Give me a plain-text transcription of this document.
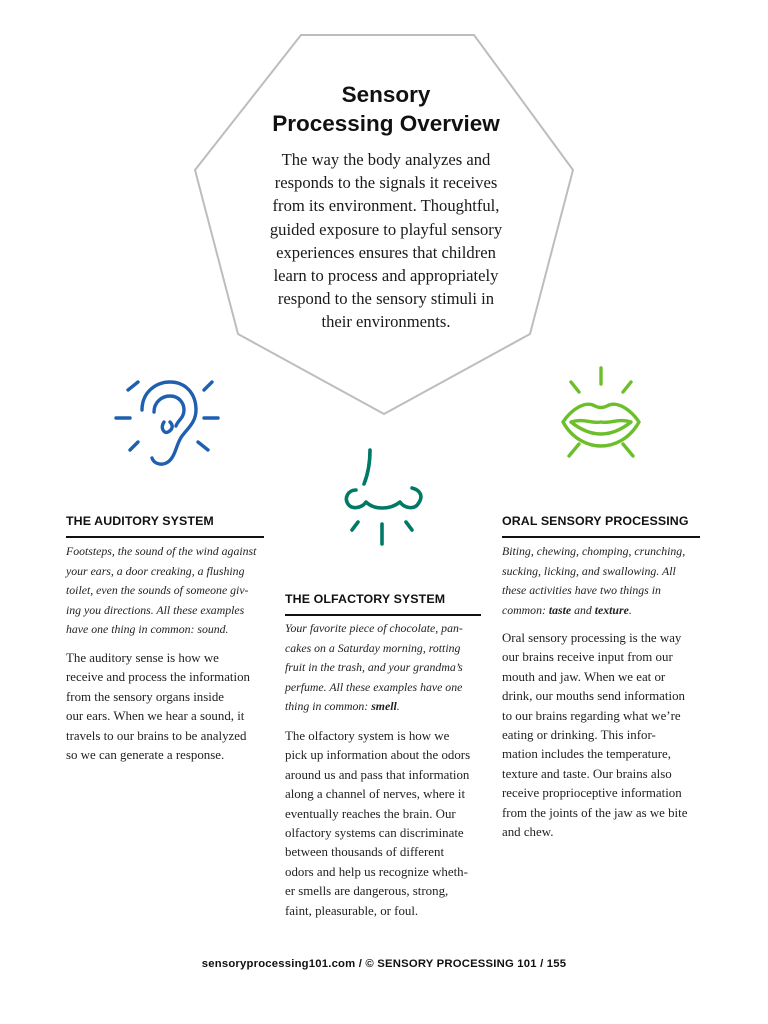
Sensory
Processing Overview
The way the body analyzes and
responds to the signals it receives
from its environment. Thoughtful,
guided exposure to playful sensory
experiences ensures that children
learn to process and appropriately
respond to the sensory stimuli in
their environments.
THE AUDITORY SYSTEM
Footsteps, the sound of the wind against
your ears, a door creaking, a flushing
toilet, even the sounds of someone giv-
ing you directions. All these examples
have one thing in common: sound.
The auditory sense is how we
receive and process the information
from the sensory organs inside
our ears. When we hear a sound, it
travels to our brains to be analyzed
so we can generate a response.
THE OLFACTORY SYSTEM
Your favorite piece of chocolate, pan-
cakes on a Saturday morning, rotting
fruit in the trash, and your grandma’s
perfume. All these examples have one
thing in common: smell.
The olfactory system is how we
pick up information about the odors
around us and pass that information
along a channel of nerves, where it
eventually reaches the brain. Our
olfactory systems can discriminate
between thousands of different
odors and help us recognize wheth-
er smells are dangerous, strong,
faint, pleasurable, or foul.
ORAL SENSORY PROCESSING
Biting, chewing, chomping, crunching,
sucking, licking, and swallowing. All
these activities have two things in
common: taste and texture.
Oral sensory processing is the way
our brains receive input from our
mouth and jaw. When we eat or
drink, our mouths send information
to our brains regarding what we’re
eating or drinking. This infor-
mation includes the temperature,
texture and taste. Our brains also
receive proprioceptive information
from the joints of the jaw as we bite
and chew.
sensoryprocessing101.com / © SENSORY PROCESSING 101 / 155
